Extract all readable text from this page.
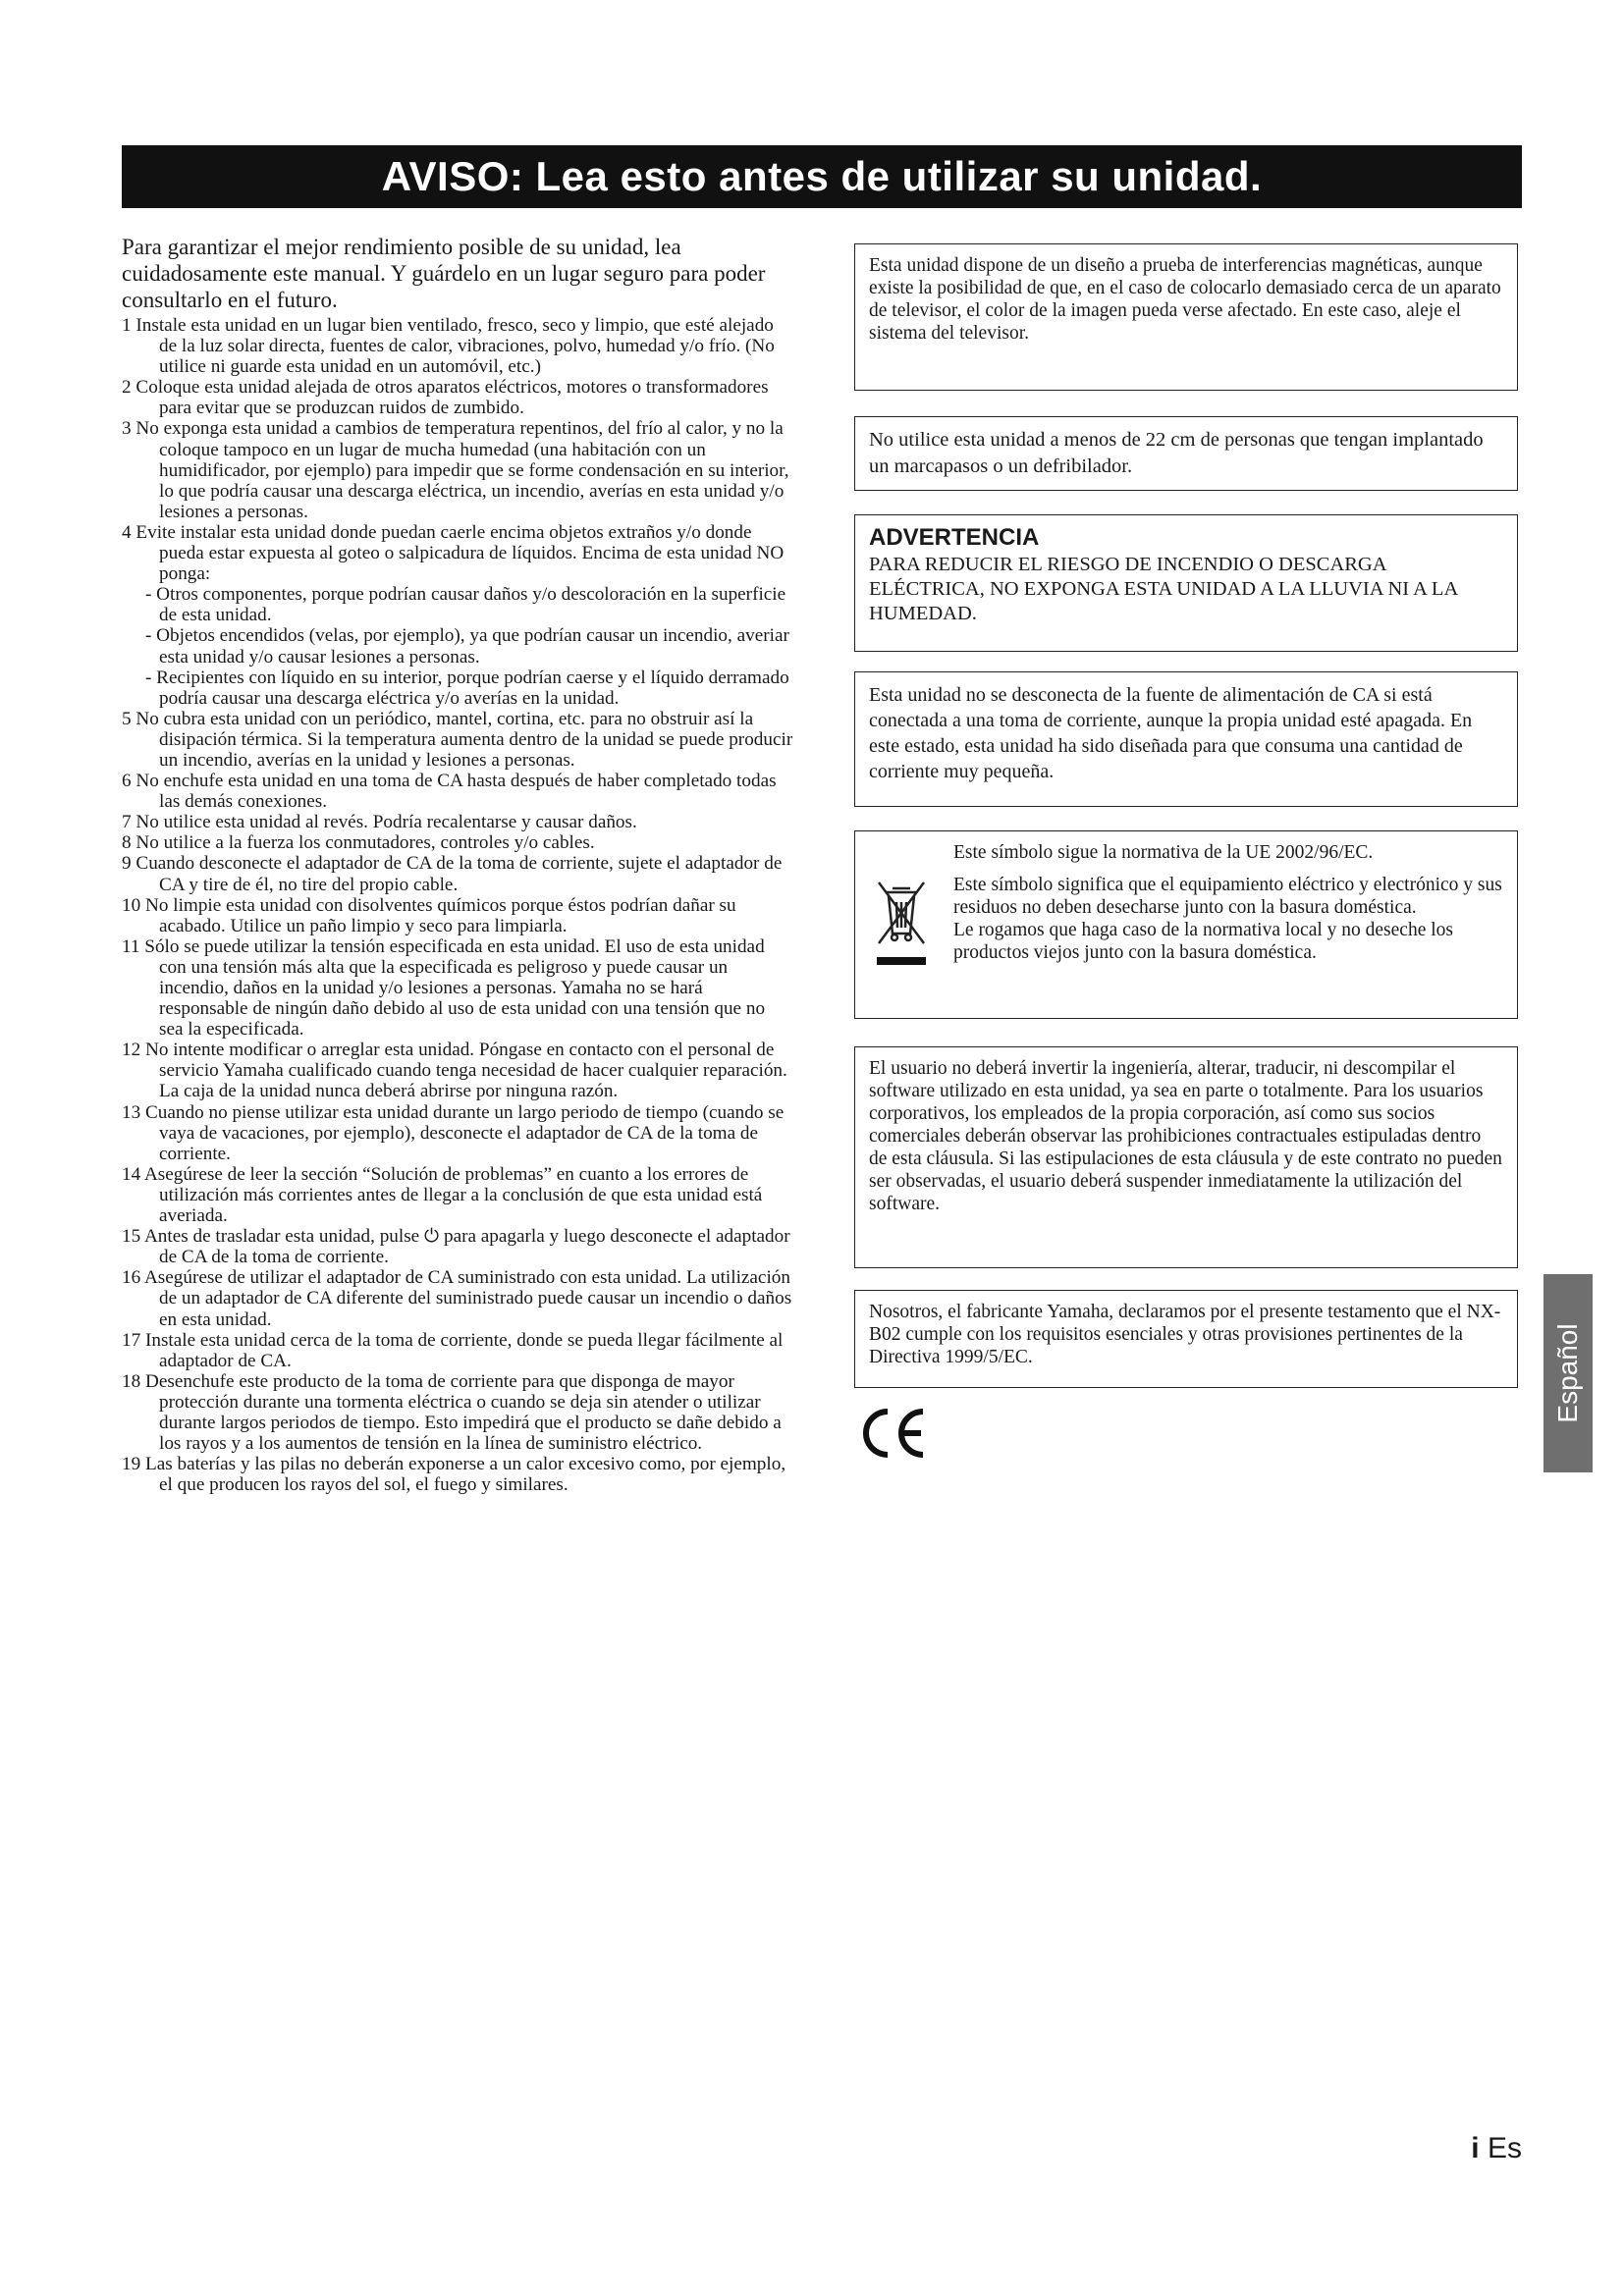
AVISO: Lea esto antes de utilizar su unidad.

Para garantizar el mejor rendimiento posible de su unidad, lea cuidadosamente este manual. Y guárdelo en un lugar seguro para poder consultarlo en el futuro.

1 Instale esta unidad en un lugar bien ventilado, fresco, seco y limpio, que esté alejado de la luz solar directa, fuentes de calor, vibraciones, polvo, humedad y/o frío. (No utilice ni guarde esta unidad en un automóvil, etc.)
2 Coloque esta unidad alejada de otros aparatos eléctricos, motores o transformadores para evitar que se produzcan ruidos de zumbido.
3 No exponga esta unidad a cambios de temperatura repentinos, del frío al calor, y no la coloque tampoco en un lugar de mucha humedad (una habitación con un humidificador, por ejemplo) para impedir que se forme condensación en su interior, lo que podría causar una descarga eléctrica, un incendio, averías en esta unidad y/o lesiones a personas.
4 Evite instalar esta unidad donde puedan caerle encima objetos extraños y/o donde pueda estar expuesta al goteo o salpicadura de líquidos. Encima de esta unidad NO ponga:
- Otros componentes, porque podrían causar daños y/o descoloración en la superficie de esta unidad.
- Objetos encendidos (velas, por ejemplo), ya que podrían causar un incendio, averiar esta unidad y/o causar lesiones a personas.
- Recipientes con líquido en su interior, porque podrían caerse y el líquido derramado podría causar una descarga eléctrica y/o averías en la unidad.
5 No cubra esta unidad con un periódico, mantel, cortina, etc. para no obstruir así la disipación térmica. Si la temperatura aumenta dentro de la unidad se puede producir un incendio, averías en la unidad y lesiones a personas.
6 No enchufe esta unidad en una toma de CA hasta después de haber completado todas las demás conexiones.
7 No utilice esta unidad al revés. Podría recalentarse y causar daños.
8 No utilice a la fuerza los conmutadores, controles y/o cables.
9 Cuando desconecte el adaptador de CA de la toma de corriente, sujete el adaptador de CA y tire de él, no tire del propio cable.
10 No limpie esta unidad con disolventes químicos porque éstos podrían dañar su acabado. Utilice un paño limpio y seco para limpiarla.
11 Sólo se puede utilizar la tensión especificada en esta unidad. El uso de esta unidad con una tensión más alta que la especificada es peligroso y puede causar un incendio, daños en la unidad y/o lesiones a personas. Yamaha no se hará responsable de ningún daño debido al uso de esta unidad con una tensión que no sea la especificada.
12 No intente modificar o arreglar esta unidad. Póngase en contacto con el personal de servicio Yamaha cualificado cuando tenga necesidad de hacer cualquier reparación. La caja de la unidad nunca deberá abrirse por ninguna razón.
13 Cuando no piense utilizar esta unidad durante un largo periodo de tiempo (cuando se vaya de vacaciones, por ejemplo), desconecte el adaptador de CA de la toma de corriente.
14 Asegúrese de leer la sección “Solución de problemas” en cuanto a los errores de utilización más corrientes antes de llegar a la conclusión de que esta unidad está averiada.
15 Antes de trasladar esta unidad, pulse ⏻ para apagarla y luego desconecte el adaptador de CA de la toma de corriente.
16 Asegúrese de utilizar el adaptador de CA suministrado con esta unidad. La utilización de un adaptador de CA diferente del suministrado puede causar un incendio o daños en esta unidad.
17 Instale esta unidad cerca de la toma de corriente, donde se pueda llegar fácilmente al adaptador de CA.
18 Desenchufe este producto de la toma de corriente para que disponga de mayor protección durante una tormenta eléctrica o cuando se deja sin atender o utilizar durante largos periodos de tiempo. Esto impedirá que el producto se dañe debido a los rayos y a los aumentos de tensión en la línea de suministro eléctrico.
19 Las baterías y las pilas no deberán exponerse a un calor excesivo como, por ejemplo, el que producen los rayos del sol, el fuego y similares.
Esta unidad dispone de un diseño a prueba de interferencias magnéticas, aunque existe la posibilidad de que, en el caso de colocarlo demasiado cerca de un aparato de televisor, el color de la imagen pueda verse afectado. En este caso, aleje el sistema del televisor.
No utilice esta unidad a menos de 22 cm de personas que tengan implantado un marcapasos o un defribilador.
ADVERTENCIA
PARA REDUCIR EL RIESGO DE INCENDIO O DESCARGA ELÉCTRICA, NO EXPONGA ESTA UNIDAD A LA LLUVIA NI A LA HUMEDAD.
Esta unidad no se desconecta de la fuente de alimentación de CA si está conectada a una toma de corriente, aunque la propia unidad esté apagada. En este estado, esta unidad ha sido diseñada para que consuma una cantidad de corriente muy pequeña.

Este símbolo sigue la normativa de la UE 2002/96/EC.

Este símbolo significa que el equipamiento eléctrico y electrónico y sus residuos no deben desecharse junto con la basura doméstica.

Le rogamos que haga caso de la normativa local y no deseche los productos viejos junto con la basura doméstica.

El usuario no deberá invertir la ingeniería, alterar, traducir, ni descompilar el software utilizado en esta unidad, ya sea en parte o totalmente. Para los usuarios corporativos, los empleados de la propia corporación, así como sus socios comerciales deberán observar las prohibiciones contractuales estipuladas dentro de esta cláusula. Si las estipulaciones de esta cláusula y de este contrato no pueden ser observadas, el usuario deberá suspender inmediatamente la utilización del software.
Nosotros, el fabricante Yamaha, declaramos por el presente testamento que el NX-B02 cumple con los requisitos esenciales y otras provisiones pertinentes de la Directiva 1999/5/EC.	Español
i Es
